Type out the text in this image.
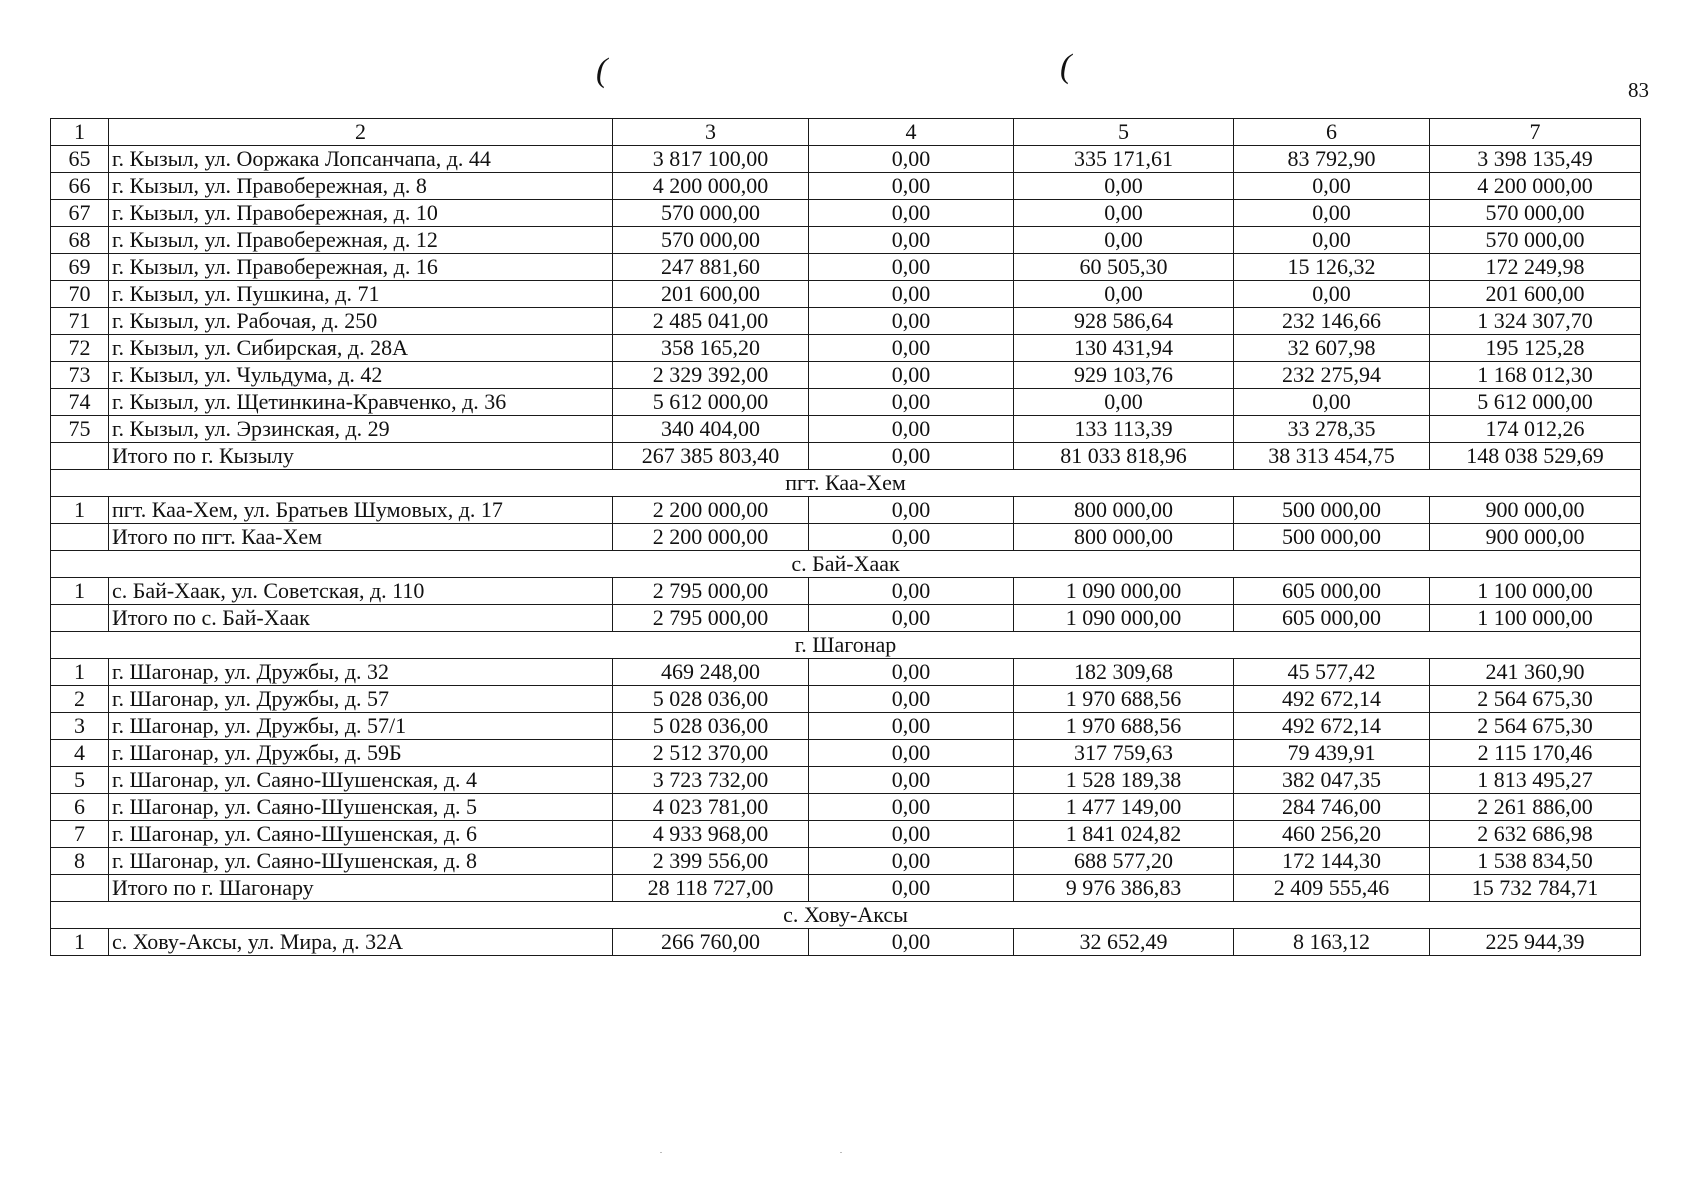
(	(
83
1	2	3	4	5	6	7
65	г. Кызыл, ул. Ооржака Лопсанчапа, д. 44	3 817 100,00	0,00	335 171,61	83 792,90	3 398 135,49
66	г. Кызыл, ул. Правобережная, д. 8	4 200 000,00	0,00	0,00	0,00	4 200 000,00
67	г. Кызыл, ул. Правобережная, д. 10	570 000,00	0,00	0,00	0,00	570 000,00
68	г. Кызыл, ул. Правобережная, д. 12	570 000,00	0,00	0,00	0,00	570 000,00
69	г. Кызыл, ул. Правобережная, д. 16	247 881,60	0,00	60 505,30	15 126,32	172 249,98
70	г. Кызыл, ул. Пушкина, д. 71	201 600,00	0,00	0,00	0,00	201 600,00
71	г. Кызыл, ул. Рабочая, д. 250	2 485 041,00	0,00	928 586,64	232 146,66	1 324 307,70
72	г. Кызыл, ул. Сибирская, д. 28А	358 165,20	0,00	130 431,94	32 607,98	195 125,28
73	г. Кызыл, ул. Чульдума, д. 42	2 329 392,00	0,00	929 103,76	232 275,94	1 168 012,30
74	г. Кызыл, ул. Щетинкина-Кравченко, д. 36	5 612 000,00	0,00	0,00	0,00	5 612 000,00
75	г. Кызыл, ул. Эрзинская, д. 29	340 404,00	0,00	133 113,39	33 278,35	174 012,26
	Итого по г. Кызылу	267 385 803,40	0,00	81 033 818,96	38 313 454,75	148 038 529,69
пгт. Каа-Хем						
1	пгт. Каа-Хем, ул. Братьев Шумовых, д. 17	2 200 000,00	0,00	800 000,00	500 000,00	900 000,00
	Итого по пгт. Каа-Хем	2 200 000,00	0,00	800 000,00	500 000,00	900 000,00
с. Бай-Хаак						
1	с. Бай-Хаак, ул. Советская, д. 110	2 795 000,00	0,00	1 090 000,00	605 000,00	1 100 000,00
	Итого по с. Бай-Хаак	2 795 000,00	0,00	1 090 000,00	605 000,00	1 100 000,00
г. Шагонар						
1	г. Шагонар, ул. Дружбы, д. 32	469 248,00	0,00	182 309,68	45 577,42	241 360,90
2	г. Шагонар, ул. Дружбы, д. 57	5 028 036,00	0,00	1 970 688,56	492 672,14	2 564 675,30
3	г. Шагонар, ул. Дружбы, д. 57/1	5 028 036,00	0,00	1 970 688,56	492 672,14	2 564 675,30
4	г. Шагонар, ул. Дружбы, д. 59Б	2 512 370,00	0,00	317 759,63	79 439,91	2 115 170,46
5	г. Шагонар, ул. Саяно-Шушенская, д. 4	3 723 732,00	0,00	1 528 189,38	382 047,35	1 813 495,27
6	г. Шагонар, ул. Саяно-Шушенская, д. 5	4 023 781,00	0,00	1 477 149,00	284 746,00	2 261 886,00
7	г. Шагонар, ул. Саяно-Шушенская, д. 6	4 933 968,00	0,00	1 841 024,82	460 256,20	2 632 686,98
8	г. Шагонар, ул. Саяно-Шушенская, д. 8	2 399 556,00	0,00	688 577,20	172 144,30	1 538 834,50
	Итого по г. Шагонару	28 118 727,00	0,00	9 976 386,83	2 409 555,46	15 732 784,71
с. Хову-Аксы						
1	с. Хову-Аксы, ул. Мира, д. 32А	266 760,00	0,00	32 652,49	8 163,12	225 944,39
